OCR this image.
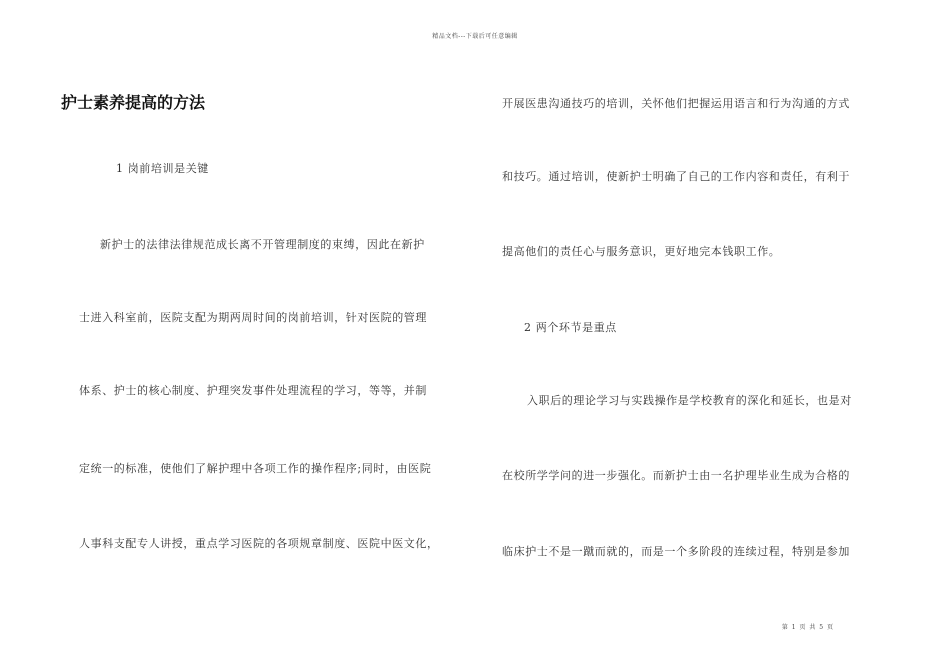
精品文档---下载后可任意编辑
护士素养提高的方法
1 岗前培训是关键
新护士的法律法律规范成长离不开管理制度的束缚，因此在新护
士进入科室前，医院支配为期两周时间的岗前培训，针对医院的管理
体系、护士的核心制度、护理突发事件处理流程的学习，等等，并制
定统一的标准，使他们了解护理中各项工作的操作程序;同时，由医院
人事科支配专人讲授，重点学习医院的各项规章制度、医院中医文化，
开展医患沟通技巧的培训，关怀他们把握运用语言和行为沟通的方式
和技巧。通过培训，使新护士明确了自己的工作内容和责任，有利于
提高他们的责任心与服务意识，更好地完本钱职工作。
2 两个环节是重点
入职后的理论学习与实践操作是学校教育的深化和延长，也是对
在校所学学问的进一步强化。而新护士由一名护理毕业生成为合格的
临床护士不是一蹴而就的，而是一个多阶段的连续过程，特别是参加
第 1 页 共 5 页
